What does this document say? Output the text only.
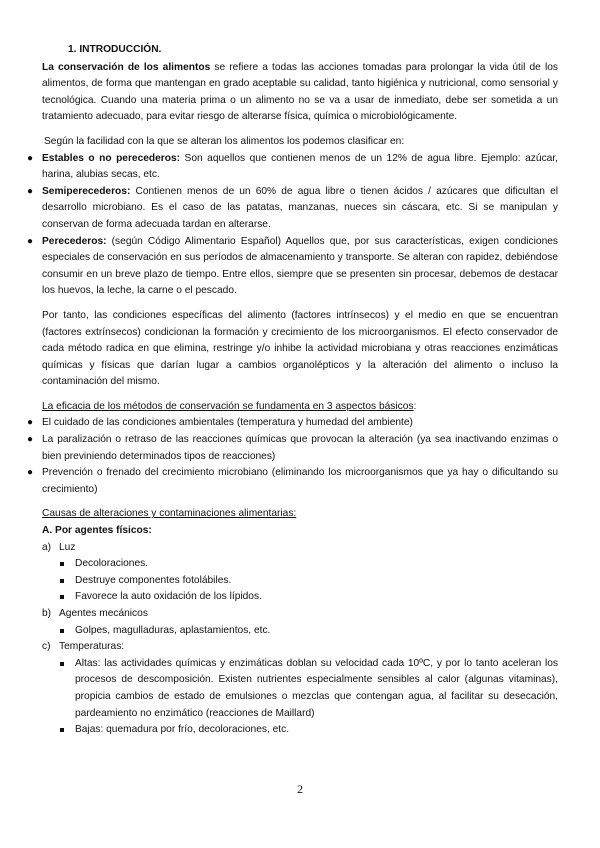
1. INTRODUCCIÓN.

La conservación de los alimentos se refiere a todas las acciones tomadas para prolongar la vida útil de los alimentos, de forma que mantengan en grado aceptable su calidad, tanto higiénica y nutricional, como sensorial y tecnológica. Cuando una materia prima o un alimento no se va a usar de inmediato, debe ser sometida a un tratamiento adecuado, para evitar riesgo de alterarse física, química o microbiológicamente.

Según la facilidad con la que se alteran los alimentos los podemos clasificar en:

● Estables o no perecederos: Son aquellos que contienen menos de un 12% de agua libre. Ejemplo: azúcar, harina, alubias secas, etc.
● Semiperecederos: Contienen menos de un 60% de agua libre o tienen ácidos / azúcares que dificultan el desarrollo microbiano. Es el caso de las patatas, manzanas, nueces sin cáscara, etc. Si se manipulan y conservan de forma adecuada tardan en alterarse.
● Perecederos: (según Código Alimentario Español) Aquellos que, por sus características, exigen condiciones especiales de conservación en sus períodos de almacenamiento y transporte. Se alteran con rapidez, debiéndose consumir en un breve plazo de tiempo. Entre ellos, siempre que se presenten sin procesar, debemos de destacar los huevos, la leche, la carne o el pescado.

Por tanto, las condiciones específicas del alimento (factores intrínsecos) y el medio en que se encuentran (factores extrínsecos) condicionan la formación y crecimiento de los microorganismos. El efecto conservador de cada método radica en que elimina, restringe y/o inhibe la actividad microbiana y otras reacciones enzimáticas químicas y físicas que darían lugar a cambios organolépticos y la alteración del alimento o incluso la contaminación del mismo.

La eficacia de los métodos de conservación se fundamenta en 3 aspectos básicos:

● El cuidado de las condiciones ambientales (temperatura y humedad del ambiente)
● La paralización o retraso de las reacciones químicas que provocan la alteración (ya sea inactivando enzimas o bien previniendo determinados tipos de reacciones)
● Prevención o frenado del crecimiento microbiano (eliminando los microorganismos que ya hay o dificultando su crecimiento)

Causas de alteraciones y contaminaciones alimentarias:

A. Por agentes físicos:

a) Luz

Decoloraciones.
Destruye componentes fotolábiles.
Favorece la auto oxidación de los lípidos.

b) Agentes mecánicos

Golpes, magulladuras, aplastamientos, etc.

c) Temperaturas:

Altas: las actividades químicas y enzimáticas doblan su velocidad cada 10ºC, y por lo tanto aceleran los procesos de descomposición. Existen nutrientes especialmente sensibles al calor (algunas vitaminas), propicia cambios de estado de emulsiones o mezclas que contengan agua, al facilitar su desecación, pardeamiento no enzimático (reacciones de Maillard)
Bajas: quemadura por frío, decoloraciones, etc.
2
